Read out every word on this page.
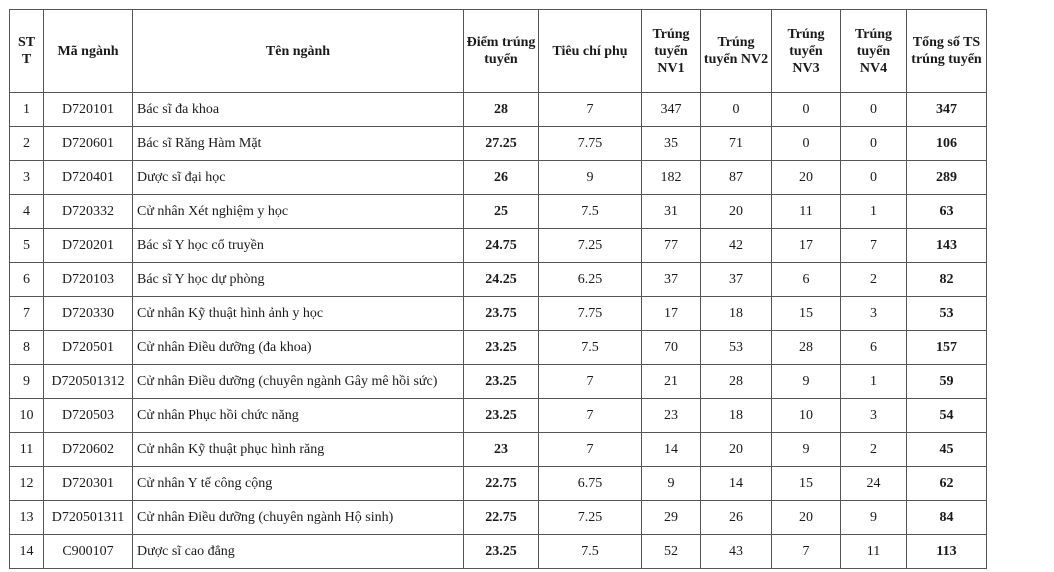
ST T	Mã ngành	Tên ngành	Điểm trúng tuyển	Tiêu chí phụ	Trúng tuyển NV1	Trúng tuyển NV2	Trúng tuyển NV3	Trúng tuyển NV4	Tổng số TS trúng tuyển
1	D720101	Bác sĩ đa khoa	28	7	347	0	0	0	347
2	D720601	Bác sĩ Răng Hàm Mặt	27.25	7.75	35	71	0	0	106
3	D720401	Dược sĩ đại học	26	9	182	87	20	0	289
4	D720332	Cử nhân Xét nghiệm y học	25	7.5	31	20	11	1	63
5	D720201	Bác sĩ Y học cổ truyền	24.75	7.25	77	42	17	7	143
6	D720103	Bác sĩ Y học dự phòng	24.25	6.25	37	37	6	2	82
7	D720330	Cử nhân Kỹ thuật hình ảnh y học	23.75	7.75	17	18	15	3	53
8	D720501	Cử nhân Điều dưỡng (đa khoa)	23.25	7.5	70	53	28	6	157
9	D720501312	Cử nhân Điều dưỡng (chuyên ngành Gây mê hồi sức)	23.25	7	21	28	9	1	59
10	D720503	Cử nhân Phục hồi chức năng	23.25	7	23	18	10	3	54
11	D720602	Cử nhân Kỹ thuật phục hình răng	23	7	14	20	9	2	45
12	D720301	Cử nhân Y tế công cộng	22.75	6.75	9	14	15	24	62
13	D720501311	Cử nhân Điều dưỡng (chuyên ngành Hộ sinh)	22.75	7.25	29	26	20	9	84
14	C900107	Dược sĩ cao đẳng	23.25	7.5	52	43	7	11	113
